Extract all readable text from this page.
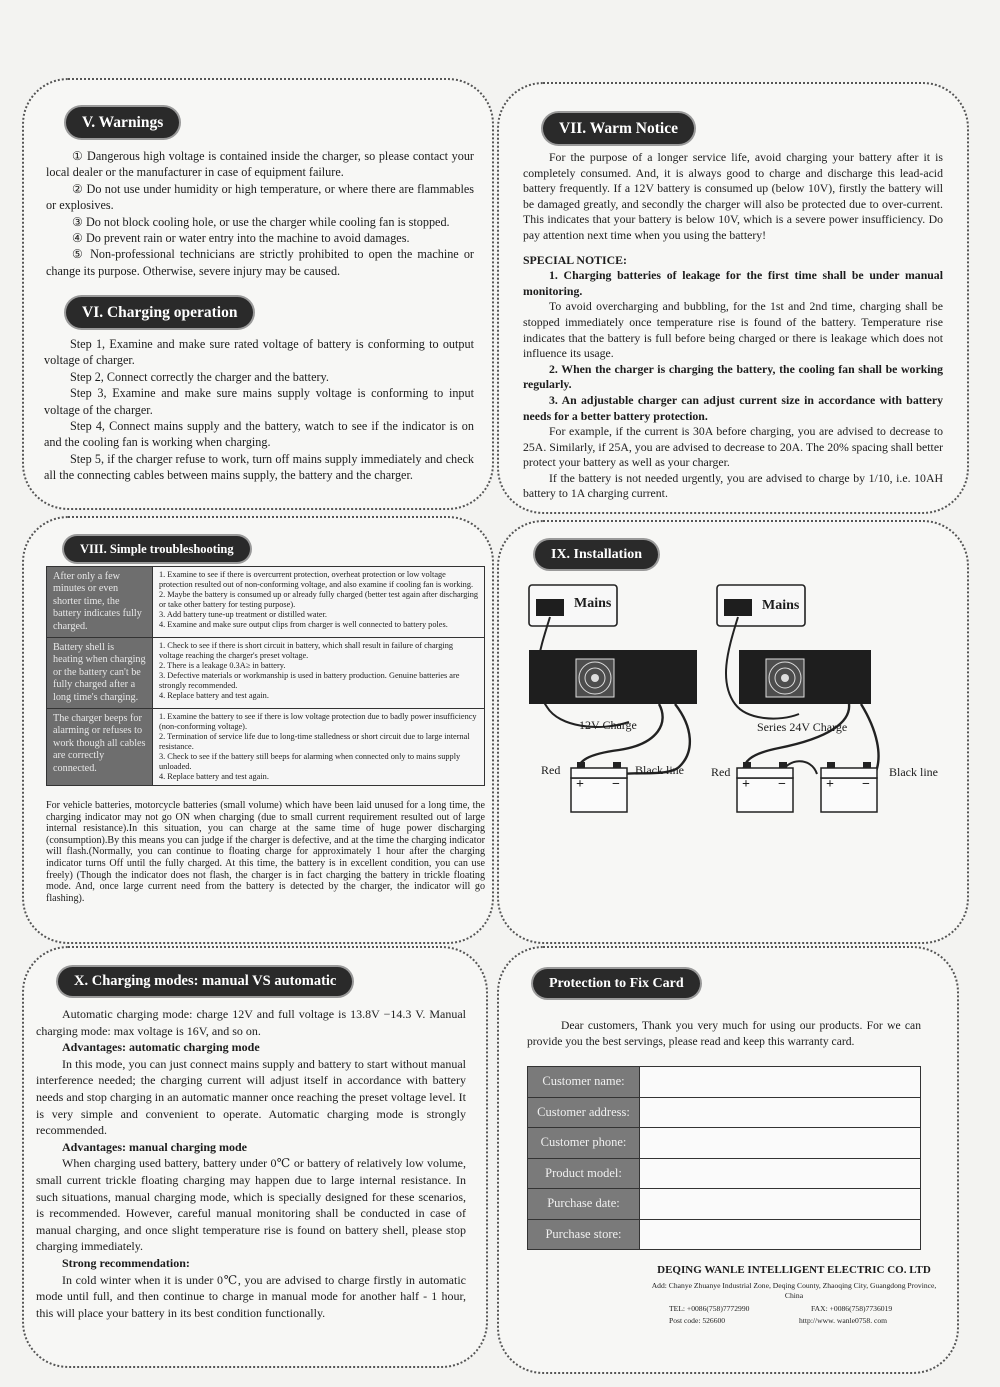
V. Warnings

① Dangerous high voltage is contained inside the charger, so please contact your local dealer or the manufacturer in case of equipment failure.

② Do not use under humidity or high temperature, or where there are flammables or explosives.

③ Do not block cooling hole, or use the charger while cooling fan is stopped.

④ Do prevent rain or water entry into the machine to avoid damages.

⑤ Non-professional technicians are strictly prohibited to open the machine or change its purpose. Otherwise, severe injury may be caused.

VI. Charging operation

Step 1, Examine and make sure rated voltage of battery is conforming to output voltage of charger.

Step 2, Connect correctly the charger and the battery.

Step 3, Examine and make sure mains supply voltage is conforming to input voltage of the charger.

Step 4, Connect mains supply and the battery, watch to see if the indicator is on and the cooling fan is working when charging.

Step 5, if the charger refuse to work, turn off mains supply immediately and check all the connecting cables between mains supply, the battery and the charger.

VII. Warm Notice

For the purpose of a longer service life, avoid charging your battery after it is completely consumed. And, it is always good to charge and discharge this lead-acid battery frequently. If a 12V battery is consumed up (below 10V), firstly the battery will be damaged greatly, and secondly the charger will also be protected due to over-current. This indicates that your battery is below 10V, which is a severe power insufficiency. Do pay attention next time when you using the battery!

SPECIAL NOTICE:

1. Charging batteries of leakage for the first time shall be under manual monitoring.

To avoid overcharging and bubbling, for the 1st and 2nd time, charging shall be stopped immediately once temperature rise is found of the battery. Temperature rise indicates that the battery is full before being charged or there is leakage which does not influence its usage.

2. When the charger is charging the battery, the cooling fan shall be working regularly.

3. An adjustable charger can adjust current size in accordance with battery needs for a better battery protection.

For example, if the current is 30A before charging, you are advised to decrease to 25A. Similarly, if 25A, you are advised to decrease to 20A. The 20% spacing shall better protect your battery as well as your charger.

If the battery is not needed urgently, you are advised to charge by 1/10, i.e. 10AH battery to 1A charging current.

VIII. Simple troubleshooting
After only a few minutes or even shorter time, the battery indicates fully charged.	1. Examine to see if there is overcurrent protection, overheat protection or low voltage protection resulted out of non-conforming voltage, and also examine if cooling fan is working.
2. Maybe the battery is consumed up or already fully charged (better test again after discharging or take other battery for testing purpose).
3. Add battery tune-up treatment or distilled water.
4. Examine and make sure output clips from charger is well connected to battery poles.

Battery shell is heating when charging or the battery can't be fully charged after a long time's charging.	1. Check to see if there is short circuit in battery, which shall result in failure of charging voltage reaching the charger's preset voltage.
2. There is a leakage 0.3A≥ in battery.
3. Defective materials or workmanship is used in battery production. Genuine batteries are strongly recommended.
4. Replace battery and test again.

The charger beeps for alarming or refuses to work though all cables are correctly connected.	1. Examine the battery to see if there is low voltage protection due to badly power insufficiency (non-conforming voltage).
2. Termination of service life due to long-time stalledness or short circuit due to large internal resistance.
3. Check to see if the battery still beeps for alarming when connected only to mains supply unloaded.
4. Replace battery and test again.
For vehicle batteries, motorcycle batteries (small volume) which have been laid unused for a long time, the charging indicator may not go ON when charging (due to small current requirement resulted out of large internal resistance).In this situation, you can charge at the same time of huge power discharging (consumption).By this means you can judge if the charger is defective, and at the time the charging indicator will flash.(Normally, you can continue to floating charge for approximately 1 hour after the charging indicator turns Off until the fully charged. At this time, the battery is in excellent condition, you can use freely) (Though the indicator does not flash, the charger is in fact charging the battery in trickle floating mode. And, once large current need from the battery is detected by the charger, the indicator will go flashing).
IX. Installation
Mains	Mains
12V Charge	Series 24V Charge
Red	Black line Red	Black line
+ −	+ −	+ −
X. Charging modes: manual VS automatic

Automatic charging mode: charge 12V and full voltage is 13.8V −14.3 V. Manual charging mode: max voltage is 16V, and so on.

Advantages: automatic charging mode

In this mode, you can just connect mains supply and battery to start without manual interference needed; the charging current will adjust itself in accordance with battery needs and stop charging in an automatic manner once reaching the preset voltage level. It is very simple and convenient to operate. Automatic charging mode is strongly recommended.

Advantages: manual charging mode

When charging used battery, battery under 0℃ or battery of relatively low volume, small current trickle floating charging may happen due to large internal resistance. In such situations, manual charging mode, which is specially designed for these scenarios, is recommended. However, careful manual monitoring shall be conducted in case of manual charging, and once slight temperature rise is found on battery shell, please stop charging immediately.

Strong recommendation:

In cold winter when it is under 0℃, you are advised to charge firstly in automatic mode until full, and then continue to charge in manual mode for another half - 1 hour, this will place your battery in its best condition functionally.

Protection to Fix Card
Dear customers, Thank you very much for using our products. For we can provide you the best servings, please read and keep this warranty card.
Customer name:	
Customer address:	
Customer phone:	
Product model:	
Purchase date:	
Purchase store:	
DEQING WANLE INTELLIGENT ELECTRIC CO. LTD
Add: Chanye Zhuanye Industrial Zone, Deqing County, Zhaoqing City, Guangdong Province, China
TEL: +0086(758)7772990	FAX: +0086(758)7736019
Post code: 526600	http://www. wanle0758. com
